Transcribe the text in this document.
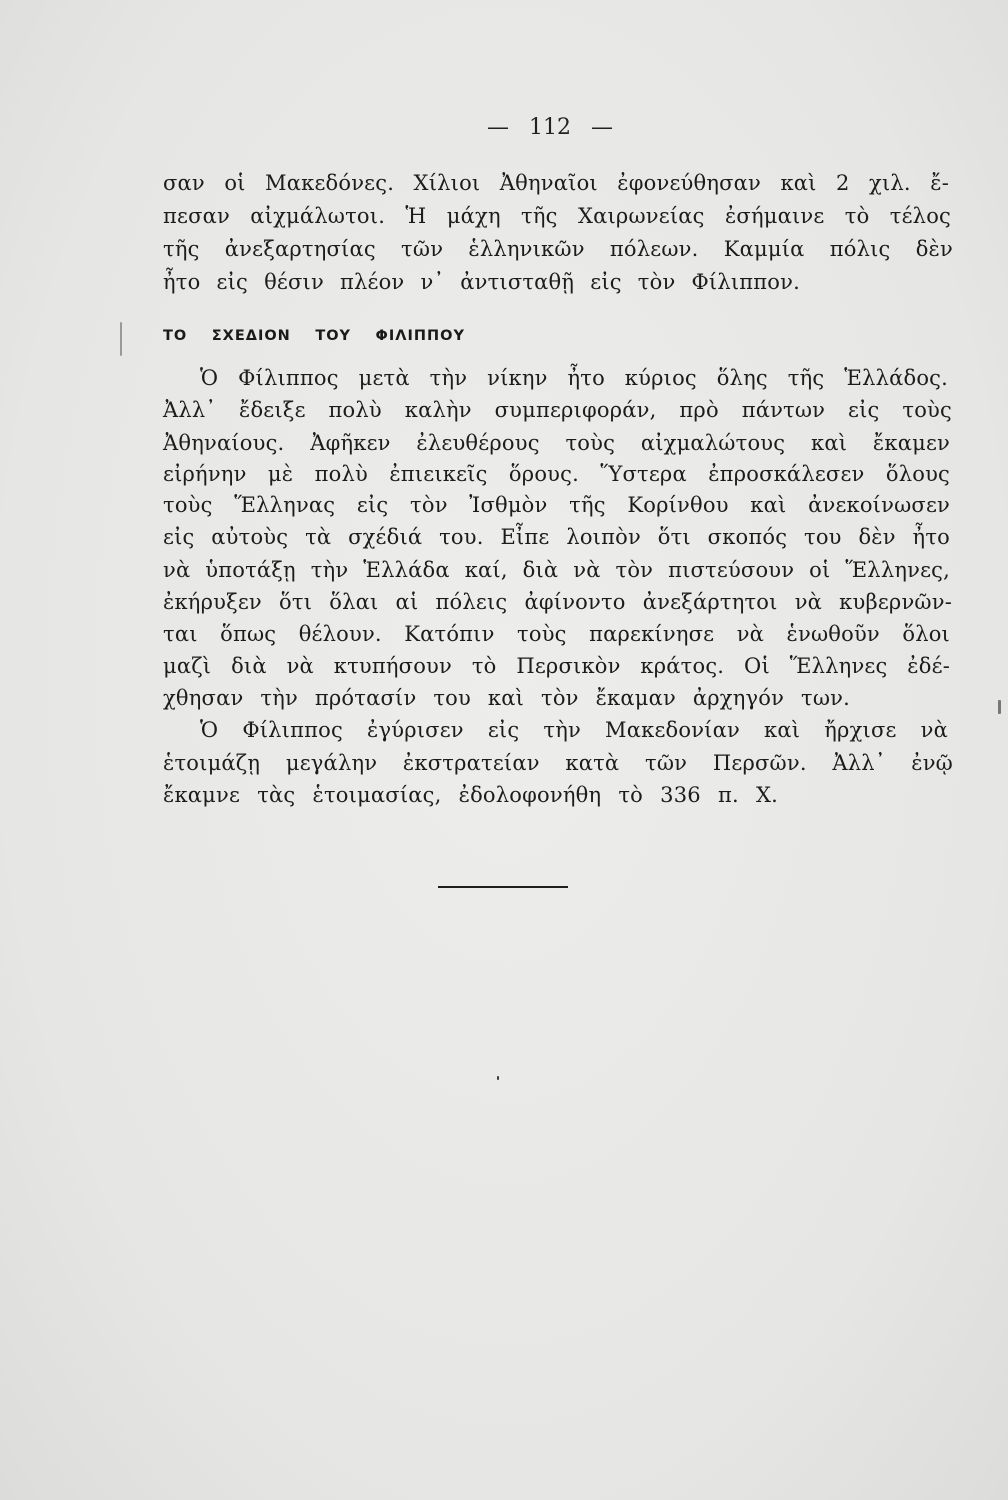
— 112 —
σαν οἱ Μακεδόνες. Χίλιοι Ἀθηναῖοι ἐφονεύθησαν καὶ 2 χιλ. ἔ-
πεσαν αἰχμάλωτοι. Ἡ μάχη τῆς Χαιρωνείας ἐσήμαινε τὸ τέλος
τῆς ἀνεξαρτησίας τῶν ἑλληνικῶν πόλεων. Καμμία πόλις δὲν
ἦτο εἰς θέσιν πλέον ν᾽ ἀντισταθῇ εἰς τὸν Φίλιππον.
ΤΟ ΣΧΕΔΙΟΝ ΤΟΥ ΦΙΛΙΠΠΟΥ
Ὁ Φίλιππος μετὰ τὴν νίκην ἦτο κύριος ὅλης τῆς Ἑλλάδος.
Ἀλλ᾽ ἔδειξε πολὺ καλὴν συμπεριφοράν, πρὸ πάντων εἰς τοὺς
Ἀθηναίους. Ἀφῆκεν ἐλευθέρους τοὺς αἰχμαλώτους καὶ ἔκαμεν
εἰρήνην μὲ πολὺ ἐπιεικεῖς ὅρους. Ὕστερα ἐπροσκάλεσεν ὅλους
τοὺς Ἕλληνας εἰς τὸν Ἰσθμὸν τῆς Κορίνθου καὶ ἀνεκοίνωσεν
εἰς αὐτοὺς τὰ σχέδιά του. Εἶπε λοιπὸν ὅτι σκοπός του δὲν ἦτο
νὰ ὑποτάξῃ τὴν Ἑλλάδα καί, διὰ νὰ τὸν πιστεύσουν οἱ Ἕλληνες,
ἐκήρυξεν ὅτι ὅλαι αἱ πόλεις ἀφίνοντο ἀνεξάρτητοι νὰ κυβερνῶν-
ται ὅπως θέλουν. Κατόπιν τοὺς παρεκίνησε νὰ ἑνωθοῦν ὅλοι
μαζὶ διὰ νὰ κτυπήσουν τὸ Περσικὸν κράτος. Οἱ Ἕλληνες ἐδέ-
χθησαν τὴν πρότασίν του καὶ τὸν ἔκαμαν ἀρχηγόν των.
Ὁ Φίλιππος ἐγύρισεν εἰς τὴν Μακεδονίαν καὶ ἤρχισε νὰ
ἑτοιμάζῃ μεγάλην ἐκστρατείαν κατὰ τῶν Περσῶν. Ἀλλ᾽ ἐνῷ
ἔκαμνε τὰς ἑτοιμασίας, ἐδολοφονήθη τὸ 336 π. Χ.
